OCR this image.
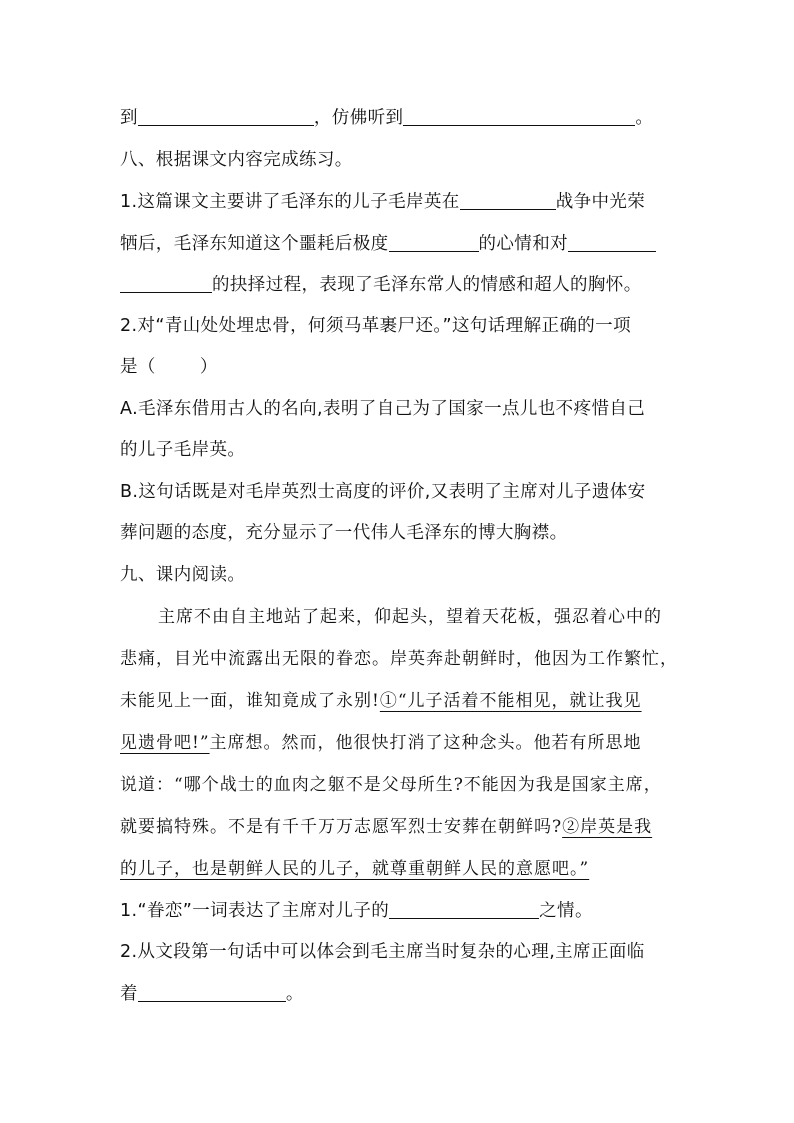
到	，仿佛听到	。
八、根据课文内容完成练习。
1.这篇课文主要讲了毛泽东的儿子毛岸英在	战争中光荣
牺后，毛泽东知道这个噩耗后极度	的心情和对
的抉择过程，表现了毛泽东常人的情感和超人的胸怀。
2.对“青山处处埋忠骨，何须马革裹尸还。”这句话理解正确的一项
是（	）
A.毛泽东借用古人的名向,表明了自己为了国家一点儿也不疼惜自己
的儿子毛岸英。
B.这句话既是对毛岸英烈士高度的评价,又表明了主席对儿子遗体安
葬问题的态度，充分显示了一代伟人毛泽东的博大胸襟。
九、课内阅读。
主席不由自主地站了起来，仰起头，望着天花板，强忍着心中的
悲痛，目光中流露出无限的眷恋。岸英奔赴朝鲜时，他因为工作繁忙，
未能见上一面，谁知竟成了永别!①“儿子活着不能相见，就让我见
见遗骨吧!”主席想。然而，他很快打消了这种念头。他若有所思地
说道：“哪个战士的血肉之躯不是父母所生?不能因为我是国家主席，
就要搞特殊。不是有千千万万志愿军烈士安葬在朝鲜吗?②岸英是我
的儿子，也是朝鲜人民的儿子，就尊重朝鲜人民的意愿吧。”
1.“眷恋”一词表达了主席对儿子的	之情。
2.从文段第一句话中可以体会到毛主席当时复杂的心理,主席正面临
着	。
